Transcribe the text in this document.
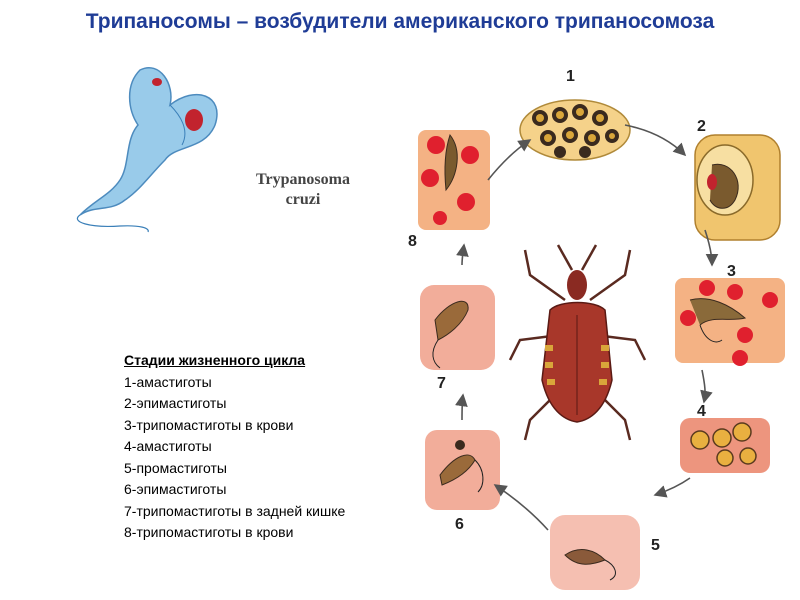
Трипаносомы – возбудители американского трипаносомоза
Trypanosoma
cruzi
1
2
3
4
5
6
7
8
Стадии жизненного цикла
1-амастиготы
2-эпимастиготы
3-трипомастиготы в крови
4-амастиготы
5-промастиготы
6-эпимастиготы
7-трипомастиготы в задней кишке
8-трипомастиготы в крови
